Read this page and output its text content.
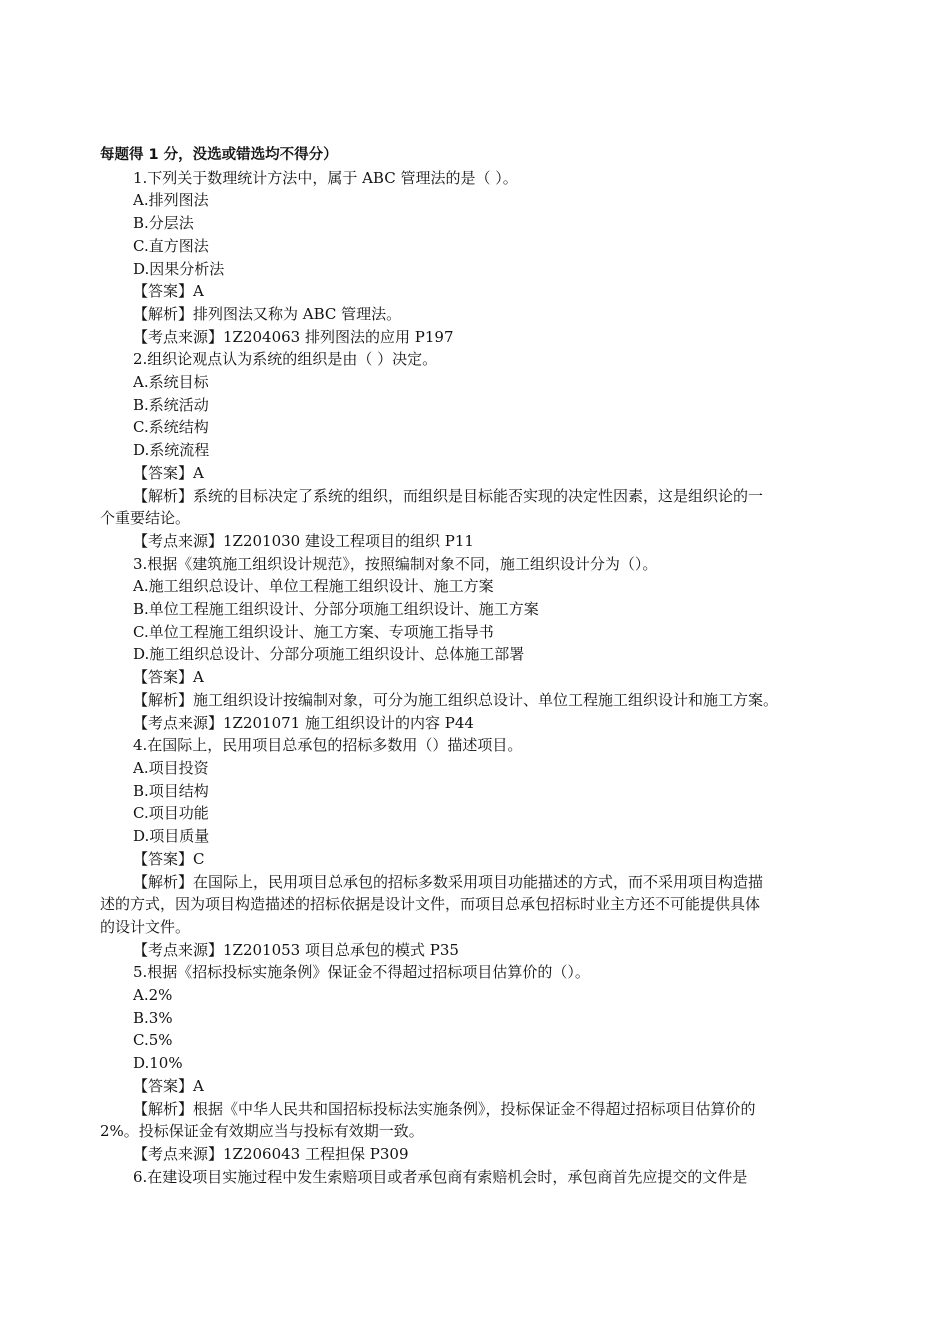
每题得 1 分，没选或错选均不得分）
1.下列关于数理统计方法中，属于 ABC 管理法的是（ ）。
A.排列图法
B.分层法
C.直方图法
D.因果分析法
【答案】A
【解析】排列图法又称为 ABC 管理法。
【考点来源】1Z204063 排列图法的应用 P197
2.组织论观点认为系统的组织是由（ ）决定。
A.系统目标
B.系统活动
C.系统结构
D.系统流程
【答案】A
【解析】系统的目标决定了系统的组织，而组织是目标能否实现的决定性因素，这是组织论的一
个重要结论。
【考点来源】1Z201030 建设工程项目的组织 P11
3.根据《建筑施工组织设计规范》，按照编制对象不同，施工组织设计分为（）。
A.施工组织总设计、单位工程施工组织设计、施工方案
B.单位工程施工组织设计、分部分项施工组织设计、施工方案
C.单位工程施工组织设计、施工方案、专项施工指导书
D.施工组织总设计、分部分项施工组织设计、总体施工部署
【答案】A
【解析】施工组织设计按编制对象，可分为施工组织总设计、单位工程施工组织设计和施工方案。
【考点来源】1Z201071 施工组织设计的内容 P44
4.在国际上，民用项目总承包的招标多数用（）描述项目。
A.项目投资
B.项目结构
C.项目功能
D.项目质量
【答案】C
【解析】在国际上，民用项目总承包的招标多数采用项目功能描述的方式，而不采用项目构造描
述的方式，因为项目构造描述的招标依据是设计文件，而项目总承包招标时业主方还不可能提供具体
的设计文件。
【考点来源】1Z201053 项目总承包的模式 P35
5.根据《招标投标实施条例》保证金不得超过招标项目估算价的（）。
A.2%
B.3%
C.5%
D.10%
【答案】A
【解析】根据《中华人民共和国招标投标法实施条例》，投标保证金不得超过招标项目估算价的
2%。投标保证金有效期应当与投标有效期一致。
【考点来源】1Z206043 工程担保 P309
6.在建设项目实施过程中发生索赔项目或者承包商有索赔机会时，承包商首先应提交的文件是
